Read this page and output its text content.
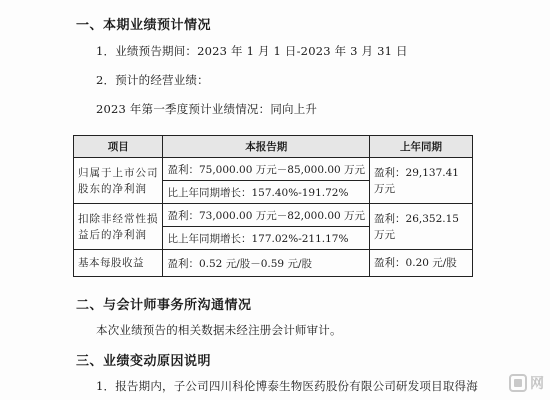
一、本期业绩预计情况
1．业绩预告期间：2023 年 1 月 1 日-2023 年 3 月 31 日
2．预计的经营业绩：
2023 年第一季度预计业绩情况：同向上升
项目	本报告期	上年同期
归属于上市公司股东的净利润	盈利：75,000.00 万元－85,000.00 万元	盈利：29,137.41 万元
	比上年同期增长：157.40%-191.72%	
扣除非经常性损益后的净利润	盈利：73,000.00 万元－82,000.00 万元	盈利：26,352.15 万元
	比上年同期增长：177.02%-211.17%	
基本每股收益	盈利：0.52 元/股－0.59 元/股	盈利：0.20 元/股
二、与会计师事务所沟通情况
本次业绩预告的相关数据未经注册会计师审计。
三、业绩变动原因说明
1．报告期内，子公司四川科伦博泰生物医药股份有限公司研发项目取得海	网
